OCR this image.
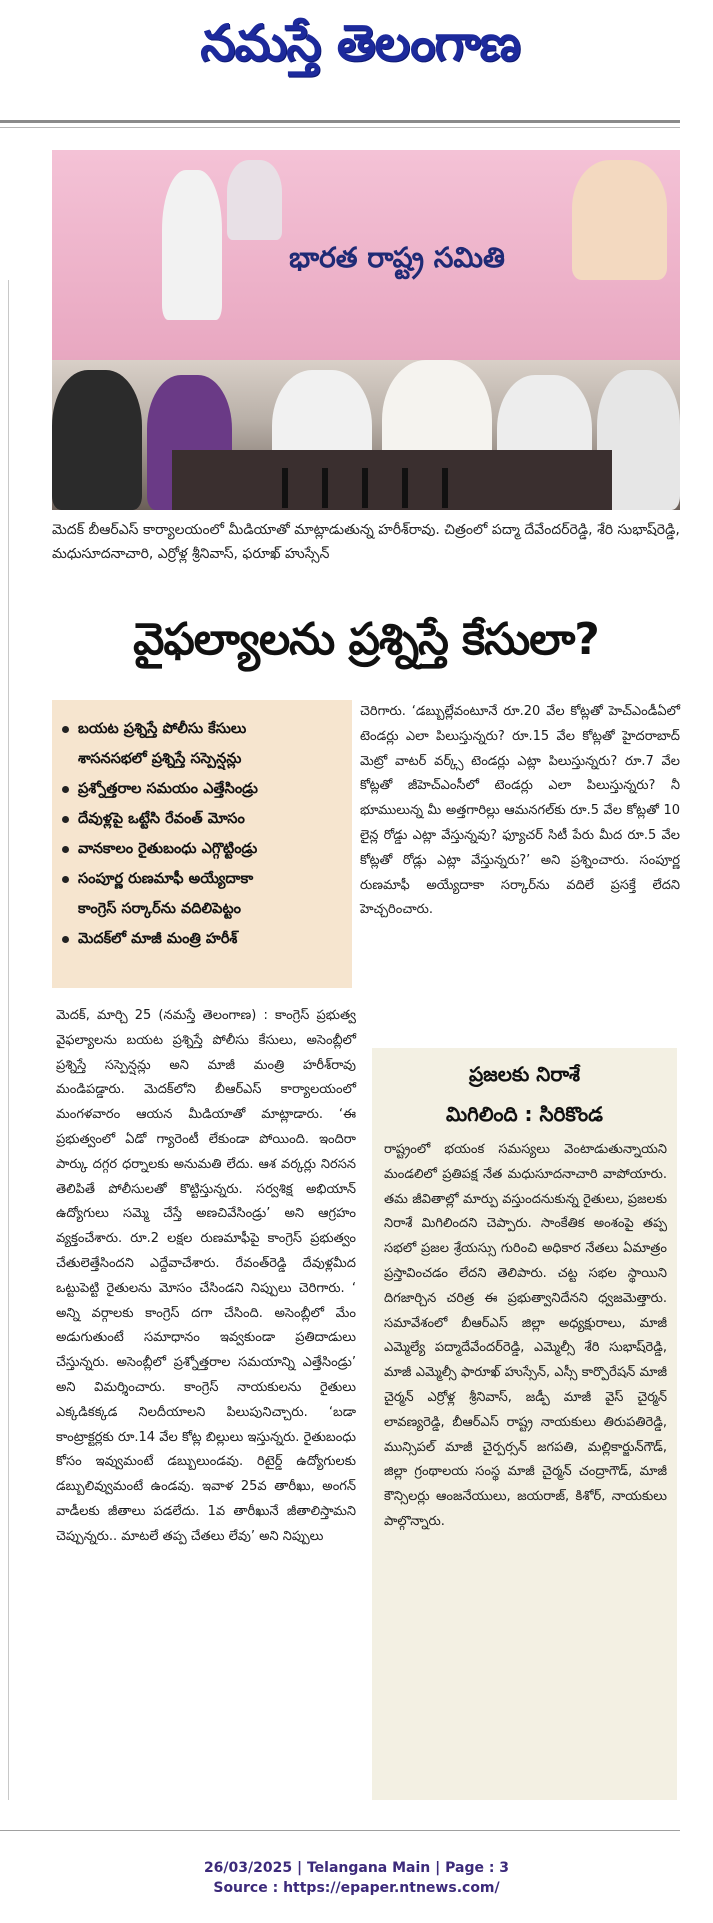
నమస్తే తెలంగాణ
భారత రాష్ట్ర సమితి
మెదక్ బీఆర్ఎస్ కార్యాలయంలో మీడియాతో మాట్లాడుతున్న హరీశ్‌రావు. చిత్రంలో పద్మా దేవేందర్‌రెడ్డి, శేరి సుభాష్‌రెడ్డి, మధుసూదనాచారి, ఎర్రోళ్ల శ్రీనివాస్, ఫరూఖ్ హుస్సేన్
వైఫల్యాలను ప్రశ్నిస్తే కేసులా?
బయట ప్రశ్నిస్తే పోలీసు కేసులు
శాసనసభలో ప్రశ్నిస్తే సస్పెన్షన్లు
ప్రశ్నోత్తరాల సమయం ఎత్తేసిండ్రు
దేవుళ్లపై ఒట్టేసి రేవంత్ మోసం
వానకాలం రైతుబంధు ఎగ్గొట్టిండ్రు
సంపూర్ణ రుణమాఫీ అయ్యేదాకా
కాంగ్రెస్ సర్కార్‌ను వదిలిపెట్టం
మెదక్‌లో మాజీ మంత్రి హరీశ్
మెదక్, మార్చి 25 (నమస్తే తెలంగాణ) : కాంగ్రెస్ ప్రభుత్వ వైఫల్యాలను బయట ప్రశ్నిస్తే పోలీసు కేసులు, అసెంబ్లీలో ప్రశ్నిస్తే సస్పెన్షన్లు అని మాజీ మంత్రి హరీశ్‌రావు మండిపడ్డారు. మెదక్‌లోని బీఆర్ఎస్ కార్యాలయంలో మంగళవారం ఆయన మీడియాతో మాట్లాడారు. ‘ఈ ప్రభుత్వంలో ఏడో గ్యారెంటీ లేకుండా పోయింది. ఇందిరా పార్కు దగ్గర ధర్నాలకు అనుమతి లేదు. ఆశ వర్కర్లు నిరసన తెలిపితే పోలీసులతో కొట్టిస్తున్నరు. సర్వశిక్ష అభియాన్ ఉద్యోగులు సమ్మె చేస్తే అణచివేసిండ్రు’ అని ఆగ్రహం వ్యక్తంచేశారు. రూ.2 లక్షల రుణమాఫీపై కాంగ్రెస్ ప్రభుత్వం చేతులెత్తేసిందని ఎద్దేవాచేశారు. రేవంత్‌రెడ్డి దేవుళ్లమీద ఒట్టుపెట్టి రైతులను మోసం చేసిండని నిప్పులు చెరిగారు. ‘ అన్ని వర్గాలకు కాంగ్రెస్ దగా చేసింది. అసెంబ్లీలో మేం అడుగుతుంటే సమాధానం ఇవ్వకుండా ప్రతిదాడులు చేస్తున్నరు. అసెంబ్లీలో ప్రశ్నోత్తరాల సమయాన్ని ఎత్తేసిండ్రు’ అని విమర్శించారు. కాంగ్రెస్ నాయకులను రైతులు ఎక్కడికక్కడ నిలదీయాలని పిలుపునిచ్చారు. ‘బడా కాంట్రాక్టర్లకు రూ.14 వేల కోట్ల బిల్లులు ఇస్తున్నరు. రైతుబంధు కోసం ఇవ్వుమంటే డబ్బులుండవు. రిటైర్డ్ ఉద్యోగులకు డబ్బులివ్వుమంటే ఉండవు. ఇవాళ 25వ తారీఖు, అంగన్ వాడీలకు జీతాలు పడలేదు. 1వ తారీఖునే జీతాలిస్తామని చెప్పున్నరు.. మాటలే తప్ప చేతలు లేవు’ అని నిప్పులు
చెరిగారు. ‘డబ్బుల్లేవంటూనే రూ.20 వేల కోట్లతో హెచ్ఎండీఏలో టెండర్లు ఎలా పిలుస్తున్నరు? రూ.15 వేల కోట్లతో హైదరాబాద్ మెట్రో వాటర్ వర్క్స్ టెండర్లు ఎట్లా పిలుస్తున్నరు? రూ.7 వేల కోట్లతో జీహెచ్ఎంసీలో టెండర్లు ఎలా పిలుస్తున్నరు? నీ భూములున్న మీ అత్తగారిల్లు ఆమనగల్‌కు రూ.5 వేల కోట్లతో 10 లైన్ల రోడ్డు ఎట్లా వేస్తున్నవు? ఫ్యూచర్ సిటీ పేరు మీద రూ.5 వేల కోట్లతో రోడ్లు ఎట్లా వేస్తున్నరు?’ అని ప్రశ్నించారు. సంపూర్ణ రుణమాఫీ అయ్యేదాకా సర్కార్‌ను వదిలే ప్రసక్తే లేదని హెచ్చరించారు.
ప్రజలకు నిరాశే
మిగిలింది : సిరికొండ
రాష్ట్రంలో భయంక సమస్యలు వెంటాడుతున్నాయని మండలిలో ప్రతిపక్ష నేత మధుసూదనాచారి వాపోయారు. తమ జీవితాల్లో మార్పు వస్తుందనుకున్న రైతులు, ప్రజలకు నిరాశే మిగిలిందని చెప్పారు. సాంకేతిక అంశంపై తప్ప సభలో ప్రజల శ్రేయస్సు గురించి అధికార నేతలు ఏమాత్రం ప్రస్తావించడం లేదని తెలిపారు. చట్ట సభల స్థాయిని దిగజార్చిన చరిత్ర ఈ ప్రభుత్వానిదేనని ధ్వజమెత్తారు. సమావేశంలో బీఆర్ఎస్ జిల్లా అధ్యక్షురాలు, మాజీ ఎమ్మెల్యే పద్మాదేవేందర్‌రెడ్డి, ఎమ్మెల్సీ శేరి సుభాష్‌రెడ్డి, మాజీ ఎమ్మెల్సీ ఫారూఖ్ హుస్సేన్, ఎస్సీ కార్పొరేషన్ మాజీ చైర్మన్ ఎర్రోళ్ల శ్రీనివాస్, జడ్పీ మాజీ వైస్ చైర్మన్ లావణ్యరెడ్డి, బీఆర్ఎస్ రాష్ట్ర నాయకులు తిరుపతిరెడ్డి, మున్సిపల్ మాజీ చైర్పర్సన్ జగపతి, మల్లికార్జున్‌గౌడ్, జిల్లా గ్రంథాలయ సంస్థ మాజీ చైర్మన్ చంద్రాగౌడ్, మాజీ కౌన్సిలర్లు ఆంజనేయులు, జయరాజ్, కిశోర్, నాయకులు పాల్గొన్నారు.
26/03/2025 | Telangana Main | Page : 3
Source : https://epaper.ntnews.com/
